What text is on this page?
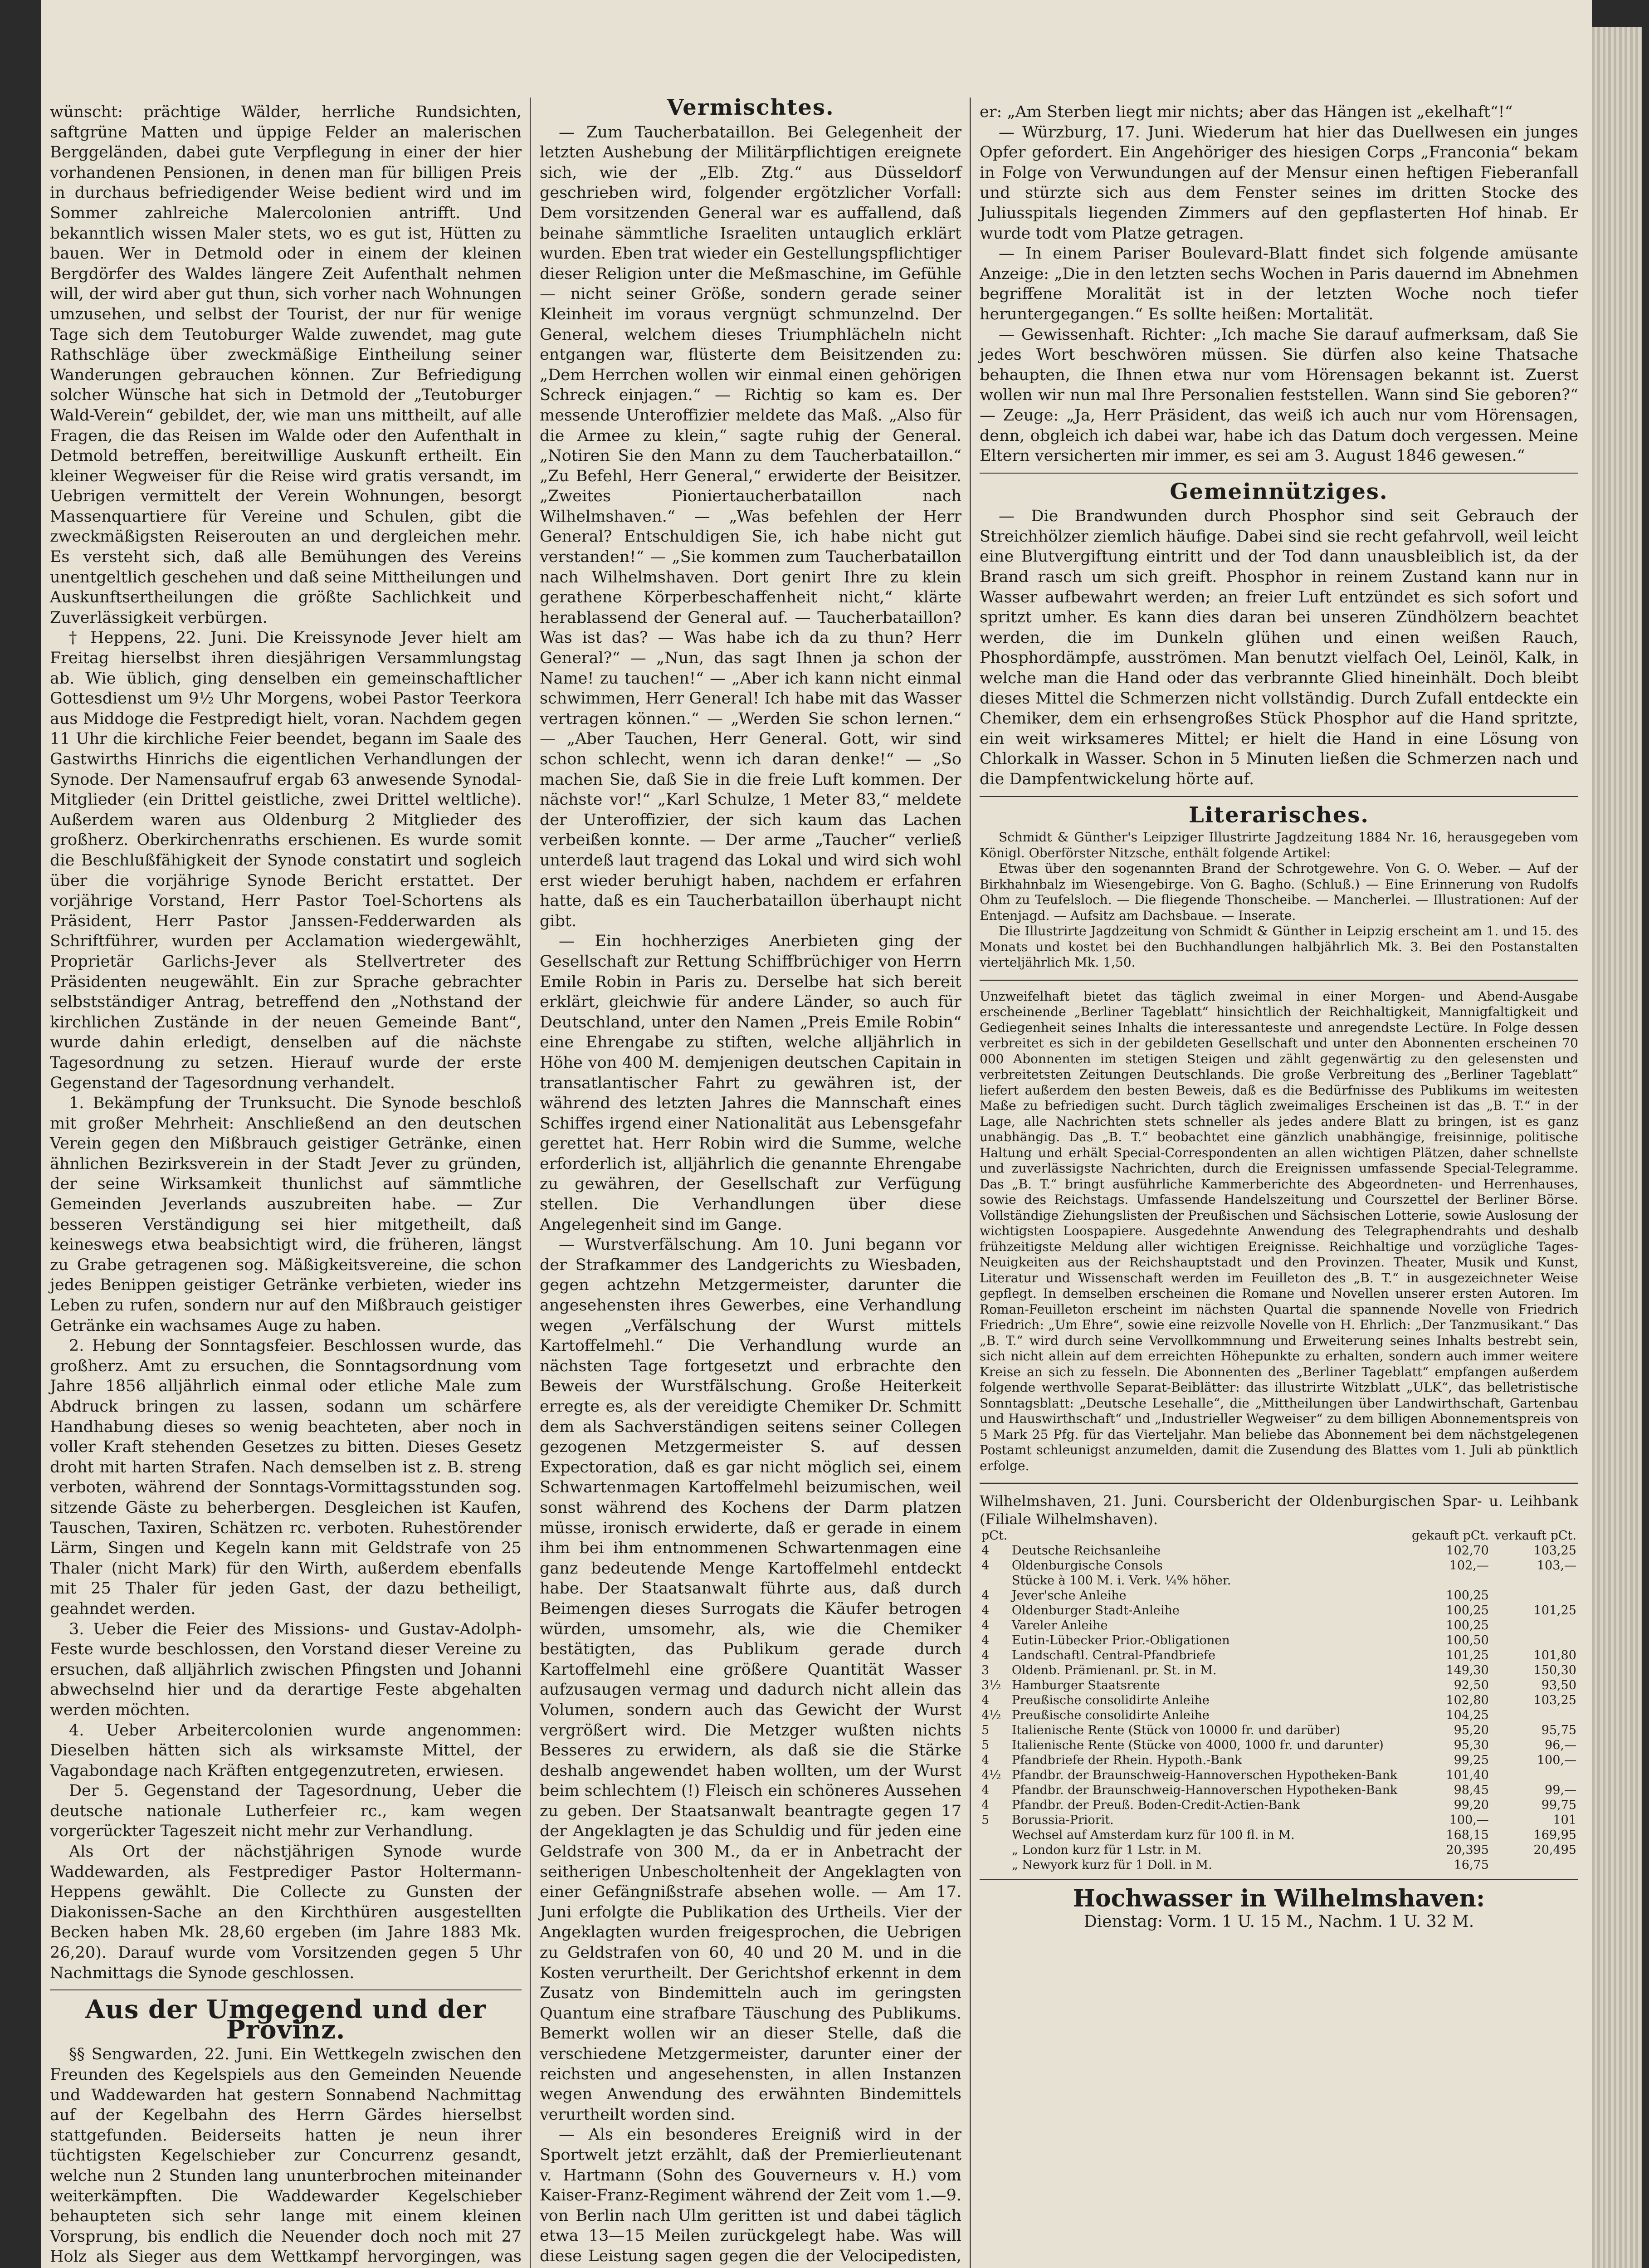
wünscht: prächtige Wälder, herrliche Rundsichten, saftgrüne Matten und üppige Felder an malerischen Berggeländen, dabei gute Verpflegung in einer der hier vorhandenen Pensionen, in denen man für billigen Preis in durchaus befriedigender Weise bedient wird und im Sommer zahlreiche Malercolonien antrifft. Und bekanntlich wissen Maler stets, wo es gut ist, Hütten zu bauen. Wer in Detmold oder in einem der kleinen Bergdörfer des Waldes längere Zeit Aufenthalt nehmen will, der wird aber gut thun, sich vorher nach Wohnungen umzusehen, und selbst der Tourist, der nur für wenige Tage sich dem Teutoburger Walde zuwendet, mag gute Rathschläge über zweckmäßige Eintheilung seiner Wanderungen gebrauchen können. Zur Befriedigung solcher Wünsche hat sich in Detmold der „Teutoburger Wald-Verein“ gebildet, der, wie man uns mittheilt, auf alle Fragen, die das Reisen im Walde oder den Aufenthalt in Detmold betreffen, bereitwillige Auskunft ertheilt. Ein kleiner Wegweiser für die Reise wird gratis versandt, im Uebrigen vermittelt der Verein Wohnungen, besorgt Massenquartiere für Vereine und Schulen, gibt die zweckmäßigsten Reiserouten an und dergleichen mehr. Es versteht sich, daß alle Bemühungen des Vereins unentgeltlich geschehen und daß seine Mittheilungen und Auskunftsertheilungen die größte Sachlichkeit und Zuverlässigkeit verbürgen.

† Heppens, 22. Juni. Die Kreissynode Jever hielt am Freitag hierselbst ihren diesjährigen Versammlungstag ab. Wie üblich, ging denselben ein gemeinschaftlicher Gottesdienst um 9½ Uhr Morgens, wobei Pastor Teerkora aus Middoge die Festpredigt hielt, voran. Nachdem gegen 11 Uhr die kirchliche Feier beendet, begann im Saale des Gastwirths Hinrichs die eigentlichen Verhandlungen der Synode. Der Namensaufruf ergab 63 anwesende Synodal-Mitglieder (ein Drittel geistliche, zwei Drittel weltliche). Außerdem waren aus Oldenburg 2 Mitglieder des großherz. Oberkirchenraths erschienen. Es wurde somit die Beschlußfähigkeit der Synode constatirt und sogleich über die vorjährige Synode Bericht erstattet. Der vorjährige Vorstand, Herr Pastor Toel-Schortens als Präsident, Herr Pastor Janssen-Fedderwarden als Schriftführer, wurden per Acclamation wiedergewählt, Proprietär Garlichs-Jever als Stellvertreter des Präsidenten neugewählt. Ein zur Sprache gebrachter selbstständiger Antrag, betreffend den „Nothstand der kirchlichen Zustände in der neuen Gemeinde Bant“, wurde dahin erledigt, denselben auf die nächste Tagesordnung zu setzen. Hierauf wurde der erste Gegenstand der Tagesordnung verhandelt.

1. Bekämpfung der Trunksucht. Die Synode beschloß mit großer Mehrheit: Anschließend an den deutschen Verein gegen den Mißbrauch geistiger Getränke, einen ähnlichen Bezirksverein in der Stadt Jever zu gründen, der seine Wirksamkeit thunlichst auf sämmtliche Gemeinden Jeverlands auszubreiten habe. — Zur besseren Verständigung sei hier mitgetheilt, daß keineswegs etwa beabsichtigt wird, die früheren, längst zu Grabe getragenen sog. Mäßigkeitsvereine, die schon jedes Benippen geistiger Getränke verbieten, wieder ins Leben zu rufen, sondern nur auf den Mißbrauch geistiger Getränke ein wachsames Auge zu haben.

2. Hebung der Sonntagsfeier. Beschlossen wurde, das großherz. Amt zu ersuchen, die Sonntagsordnung vom Jahre 1856 alljährlich einmal oder etliche Male zum Abdruck bringen zu lassen, sodann um schärfere Handhabung dieses so wenig beachteten, aber noch in voller Kraft stehenden Gesetzes zu bitten. Dieses Gesetz droht mit harten Strafen. Nach demselben ist z. B. streng verboten, während der Sonntags-Vormittagsstunden sog. sitzende Gäste zu beherbergen. Desgleichen ist Kaufen, Tauschen, Taxiren, Schätzen rc. verboten. Ruhestörender Lärm, Singen und Kegeln kann mit Geldstrafe von 25 Thaler (nicht Mark) für den Wirth, außerdem ebenfalls mit 25 Thaler für jeden Gast, der dazu betheiligt, geahndet werden.

3. Ueber die Feier des Missions- und Gustav-Adolph-Feste wurde beschlossen, den Vorstand dieser Vereine zu ersuchen, daß alljährlich zwischen Pfingsten und Johanni abwechselnd hier und da derartige Feste abgehalten werden möchten.

4. Ueber Arbeitercolonien wurde angenommen: Dieselben hätten sich als wirksamste Mittel, der Vagabondage nach Kräften entgegenzutreten, erwiesen.

Der 5. Gegenstand der Tagesordnung, Ueber die deutsche nationale Lutherfeier rc., kam wegen vorgerückter Tageszeit nicht mehr zur Verhandlung.

Als Ort der nächstjährigen Synode wurde Waddewarden, als Festprediger Pastor Holtermann-Heppens gewählt. Die Collecte zu Gunsten der Diakonissen-Sache an den Kirchthüren ausgestellten Becken haben Mk. 28,60 ergeben (im Jahre 1883 Mk. 26,20). Darauf wurde vom Vorsitzenden gegen 5 Uhr Nachmittags die Synode geschlossen.

Aus der Umgegend und der Provinz.

§§ Sengwarden, 22. Juni. Ein Wettkegeln zwischen den Freunden des Kegelspiels aus den Gemeinden Neuende und Waddewarden hat gestern Sonnabend Nachmittag auf der Kegelbahn des Herrn Gärdes hierselbst stattgefunden. Beiderseits hatten je neun ihrer tüchtigsten Kegelschieber zur Concurrenz gesandt, welche nun 2 Stunden lang ununterbrochen miteinander weiterkämpften. Die Waddewarder Kegelschieber behaupteten sich sehr lange mit einem kleinen Vorsprung, bis endlich die Neuender doch noch mit 27 Holz als Sieger aus dem Wettkampf hervorgingen, was

Vermischtes.

— Zum Taucherbataillon. Bei Gelegenheit der letzten Aushebung der Militärpflichtigen ereignete sich, wie der „Elb. Ztg.“ aus Düsseldorf geschrieben wird, folgender ergötzlicher Vorfall: Dem vorsitzenden General war es auffallend, daß beinahe sämmtliche Israeliten untauglich erklärt wurden. Eben trat wieder ein Gestellungspflichtiger dieser Religion unter die Meßmaschine, im Gefühle — nicht seiner Größe, sondern gerade seiner Kleinheit im voraus vergnügt schmunzelnd. Der General, welchem dieses Triumphlächeln nicht entgangen war, flüsterte dem Beisitzenden zu: „Dem Herrchen wollen wir einmal einen gehörigen Schreck einjagen.“ — Richtig so kam es. Der messende Unteroffizier meldete das Maß. „Also für die Armee zu klein,“ sagte ruhig der General. „Notiren Sie den Mann zu dem Taucherbataillon.“ „Zu Befehl, Herr General,“ erwiderte der Beisitzer. „Zweites Pioniertaucherbataillon nach Wilhelmshaven.“ — „Was befehlen der Herr General? Entschuldigen Sie, ich habe nicht gut verstanden!“ — „Sie kommen zum Taucherbataillon nach Wilhelmshaven. Dort genirt Ihre zu klein gerathene Körperbeschaffenheit nicht,“ klärte herablassend der General auf. — Taucherbataillon? Was ist das? — Was habe ich da zu thun? Herr General?“ — „Nun, das sagt Ihnen ja schon der Name! zu tauchen!“ — „Aber ich kann nicht einmal schwimmen, Herr General! Ich habe mit das Wasser vertragen können.“ — „Werden Sie schon lernen.“ — „Aber Tauchen, Herr General. Gott, wir sind schon schlecht, wenn ich daran denke!“ — „So machen Sie, daß Sie in die freie Luft kommen. Der nächste vor!“ „Karl Schulze, 1 Meter 83,“ meldete der Unteroffizier, der sich kaum das Lachen verbeißen konnte. — Der arme „Taucher“ verließ unterdeß laut tragend das Lokal und wird sich wohl erst wieder beruhigt haben, nachdem er erfahren hatte, daß es ein Taucherbataillon überhaupt nicht gibt.

— Ein hochherziges Anerbieten ging der Gesellschaft zur Rettung Schiffbrüchiger von Herrn Emile Robin in Paris zu. Derselbe hat sich bereit erklärt, gleichwie für andere Länder, so auch für Deutschland, unter den Namen „Preis Emile Robin“ eine Ehrengabe zu stiften, welche alljährlich in Höhe von 400 M. demjenigen deutschen Capitain in transatlantischer Fahrt zu gewähren ist, der während des letzten Jahres die Mannschaft eines Schiffes irgend einer Nationalität aus Lebensgefahr gerettet hat. Herr Robin wird die Summe, welche erforderlich ist, alljährlich die genannte Ehrengabe zu gewähren, der Gesellschaft zur Verfügung stellen. Die Verhandlungen über diese Angelegenheit sind im Gange.

— Wurstverfälschung. Am 10. Juni begann vor der Strafkammer des Landgerichts zu Wiesbaden, gegen achtzehn Metzgermeister, darunter die angesehensten ihres Gewerbes, eine Verhandlung wegen „Verfälschung der Wurst mittels Kartoffelmehl.“ Die Verhandlung wurde an nächsten Tage fortgesetzt und erbrachte den Beweis der Wurstfälschung. Große Heiterkeit erregte es, als der vereidigte Chemiker Dr. Schmitt dem als Sachverständigen seitens seiner Collegen gezogenen Metzgermeister S. auf dessen Expectoration, daß es gar nicht möglich sei, einem Schwartenmagen Kartoffelmehl beizumischen, weil sonst während des Kochens der Darm platzen müsse, ironisch erwiderte, daß er gerade in einem ihm bei ihm entnommenen Schwartenmagen eine ganz bedeutende Menge Kartoffelmehl entdeckt habe. Der Staatsanwalt führte aus, daß durch Beimengen dieses Surrogats die Käufer betrogen würden, umsomehr, als, wie die Chemiker bestätigten, das Publikum gerade durch Kartoffelmehl eine größere Quantität Wasser aufzusaugen vermag und dadurch nicht allein das Volumen, sondern auch das Gewicht der Wurst vergrößert wird. Die Metzger wußten nichts Besseres zu erwidern, als daß sie die Stärke deshalb angewendet haben wollten, um der Wurst beim schlechtem (!) Fleisch ein schöneres Aussehen zu geben. Der Staatsanwalt beantragte gegen 17 der Angeklagten je das Schuldig und für jeden eine Geldstrafe von 300 M., da er in Anbetracht der seitherigen Unbescholtenheit der Angeklagten von einer Gefängnißstrafe absehen wolle. — Am 17. Juni erfolgte die Publikation des Urtheils. Vier der Angeklagten wurden freigesprochen, die Uebrigen zu Geldstrafen von 60, 40 und 20 M. und in die Kosten verurtheilt. Der Gerichtshof erkennt in dem Zusatz von Bindemitteln auch im geringsten Quantum eine strafbare Täuschung des Publikums. Bemerkt wollen wir an dieser Stelle, daß die verschiedene Metzgermeister, darunter einer der reichsten und angesehensten, in allen Instanzen wegen Anwendung des erwähnten Bindemittels verurtheilt worden sind.

— Als ein besonderes Ereigniß wird in der Sportwelt jetzt erzählt, daß der Premierlieutenant v. Hartmann (Sohn des Gouverneurs v. H.) vom Kaiser-Franz-Regiment während der Zeit vom 1.—9. von Berlin nach Ulm geritten ist und dabei täglich etwa 13—15 Meilen zurückgelegt habe. Was will diese Leistung sagen gegen die der Velocipedisten,

er: „Am Sterben liegt mir nichts; aber das Hängen ist „ekelhaft“!“

— Würzburg, 17. Juni. Wiederum hat hier das Duellwesen ein junges Opfer gefordert. Ein Angehöriger des hiesigen Corps „Franconia“ bekam in Folge von Verwundungen auf der Mensur einen heftigen Fieberanfall und stürzte sich aus dem Fenster seines im dritten Stocke des Juliusspitals liegenden Zimmers auf den gepflasterten Hof hinab. Er wurde todt vom Platze getragen.

— In einem Pariser Boulevard-Blatt findet sich folgende amüsante Anzeige: „Die in den letzten sechs Wochen in Paris dauernd im Abnehmen begriffene Moralität ist in der letzten Woche noch tiefer heruntergegangen.“ Es sollte heißen: Mortalität.

— Gewissenhaft. Richter: „Ich mache Sie darauf aufmerksam, daß Sie jedes Wort beschwören müssen. Sie dürfen also keine Thatsache behaupten, die Ihnen etwa nur vom Hörensagen bekannt ist. Zuerst wollen wir nun mal Ihre Personalien feststellen. Wann sind Sie geboren?“ — Zeuge: „Ja, Herr Präsident, das weiß ich auch nur vom Hörensagen, denn, obgleich ich dabei war, habe ich das Datum doch vergessen. Meine Eltern versicherten mir immer, es sei am 3. August 1846 gewesen.“

Gemeinnütziges.

— Die Brandwunden durch Phosphor sind seit Gebrauch der Streichhölzer ziemlich häufige. Dabei sind sie recht gefahrvoll, weil leicht eine Blutvergiftung eintritt und der Tod dann unausbleiblich ist, da der Brand rasch um sich greift. Phosphor in reinem Zustand kann nur in Wasser aufbewahrt werden; an freier Luft entzündet es sich sofort und spritzt umher. Es kann dies daran bei unseren Zündhölzern beachtet werden, die im Dunkeln glühen und einen weißen Rauch, Phosphordämpfe, ausströmen. Man benutzt vielfach Oel, Leinöl, Kalk, in welche man die Hand oder das verbrannte Glied hineinhält. Doch bleibt dieses Mittel die Schmerzen nicht vollständig. Durch Zufall entdeckte ein Chemiker, dem ein erhsengroßes Stück Phosphor auf die Hand spritzte, ein weit wirksameres Mittel; er hielt die Hand in eine Lösung von Chlorkalk in Wasser. Schon in 5 Minuten ließen die Schmerzen nach und die Dampfentwickelung hörte auf.

Literarisches.

Schmidt & Günther's Leipziger Illustrirte Jagdzeitung 1884 Nr. 16, herausgegeben vom Königl. Oberförster Nitzsche, enthält folgende Artikel:

Etwas über den sogenannten Brand der Schrotgewehre. Von G. O. Weber. — Auf der Birkhahnbalz im Wiesengebirge. Von G. Bagho. (Schluß.) — Eine Erinnerung von Rudolfs Ohm zu Teufelsloch. — Die fliegende Thonscheibe. — Mancherlei. — Illustrationen: Auf der Entenjagd. — Aufsitz am Dachsbaue. — Inserate.

Die Illustrirte Jagdzeitung von Schmidt & Günther in Leipzig erscheint am 1. und 15. des Monats und kostet bei den Buchhandlungen halbjährlich Mk. 3. Bei den Postanstalten vierteljährlich Mk. 1,50.

Unzweifelhaft bietet das täglich zweimal in einer Morgen- und Abend-Ausgabe erscheinende „Berliner Tageblatt“ hinsichtlich der Reichhaltigkeit, Mannigfaltigkeit und Gediegenheit seines Inhalts die interessanteste und anregendste Lectüre. In Folge dessen verbreitet es sich in der gebildeten Gesellschaft und unter den Abonnenten erscheinen 70 000 Abonnenten im stetigen Steigen und zählt gegenwärtig zu den gelesensten und verbreitetsten Zeitungen Deutschlands. Die große Verbreitung des „Berliner Tageblatt“ liefert außerdem den besten Beweis, daß es die Bedürfnisse des Publikums im weitesten Maße zu befriedigen sucht. Durch täglich zweimaliges Erscheinen ist das „B. T.“ in der Lage, alle Nachrichten stets schneller als jedes andere Blatt zu bringen, ist es ganz unabhängig. Das „B. T.“ beobachtet eine gänzlich unabhängige, freisinnige, politische Haltung und erhält Special-Correspondenten an allen wichtigen Plätzen, daher schnellste und zuverlässigste Nachrichten, durch die Ereignissen umfassende Special-Telegramme. Das „B. T.“ bringt ausführliche Kammerberichte des Abgeordneten- und Herrenhauses, sowie des Reichstags. Umfassende Handelszeitung und Courszettel der Berliner Börse. Vollständige Ziehungslisten der Preußischen und Sächsischen Lotterie, sowie Auslosung der wichtigsten Loospapiere. Ausgedehnte Anwendung des Telegraphendrahts und deshalb frühzeitigste Meldung aller wichtigen Ereignisse. Reichhaltige und vorzügliche Tages-Neuigkeiten aus der Reichshauptstadt und den Provinzen. Theater, Musik und Kunst, Literatur und Wissenschaft werden im Feuilleton des „B. T.“ in ausgezeichneter Weise gepflegt. In demselben erscheinen die Romane und Novellen unserer ersten Autoren. Im Roman-Feuilleton erscheint im nächsten Quartal die spannende Novelle von Friedrich Friedrich: „Um Ehre“, sowie eine reizvolle Novelle von H. Ehrlich: „Der Tanzmusikant.“ Das „B. T.“ wird durch seine Vervollkommnung und Erweiterung seines Inhalts bestrebt sein, sich nicht allein auf dem erreichten Höhepunkte zu erhalten, sondern auch immer weitere Kreise an sich zu fesseln. Die Abonnenten des „Berliner Tageblatt“ empfangen außerdem folgende werthvolle Separat-Beiblätter: das illustrirte Witzblatt „ULK“, das belletristische Sonntagsblatt: „Deutsche Lesehalle“, die „Mittheilungen über Landwirthschaft, Gartenbau und Hauswirthschaft“ und „Industrieller Wegweiser“ zu dem billigen Abonnementspreis von 5 Mark 25 Pfg. für das Vierteljahr. Man beliebe das Abonnement bei dem nächstgelegenen Postamt schleunigst anzumelden, damit die Zusendung des Blattes vom 1. Juli ab pünktlich erfolge.

Wilhelmshaven, 21. Juni. Coursbericht der Oldenburgischen Spar- u. Leihbank (Filiale Wilhelmshaven).
pCt.		gekauft pCt.	verkauft pCt.
4	Deutsche Reichsanleihe	102,70	103,25
4	Oldenburgische Consols	102,—	103,—
	Stücke à 100 M. i. Verk. ¼% höher.		
4	Jever'sche Anleihe	100,25	
4	Oldenburger Stadt-Anleihe	100,25	101,25
4	Vareler Anleihe	100,25	
4	Eutin-Lübecker Prior.-Obligationen	100,50	
4	Landschaftl. Central-Pfandbriefe	101,25	101,80
3	Oldenb. Prämienanl. pr. St. in M.	149,30	150,30
3½	Hamburger Staatsrente	92,50	93,50
4	Preußische consolidirte Anleihe	102,80	103,25
4½	Preußische consolidirte Anleihe	104,25	
5	Italienische Rente (Stück von 10000 fr. und darüber)	95,20	95,75
5	Italienische Rente (Stücke von 4000, 1000 fr. und darunter)	95,30	96,—
4	Pfandbriefe der Rhein. Hypoth.-Bank	99,25	100,—
4½	Pfandbr. der Braunschweig-Hannoverschen Hypotheken-Bank	101,40	
4	Pfandbr. der Braunschweig-Hannoverschen Hypotheken-Bank	98,45	99,—
4	Pfandbr. der Preuß. Boden-Credit-Actien-Bank	99,20	99,75
5	Borussia-Priorit.	100,—	101
	Wechsel auf Amsterdam kurz für 100 fl. in M.	168,15	169,95
	„ London kurz für 1 Lstr. in M.	20,395	20,495
	„ Newyork kurz für 1 Doll. in M.	16,75	
Hochwasser in Wilhelmshaven:
Dienstag: Vorm. 1 U. 15 M., Nachm. 1 U. 32 M.
